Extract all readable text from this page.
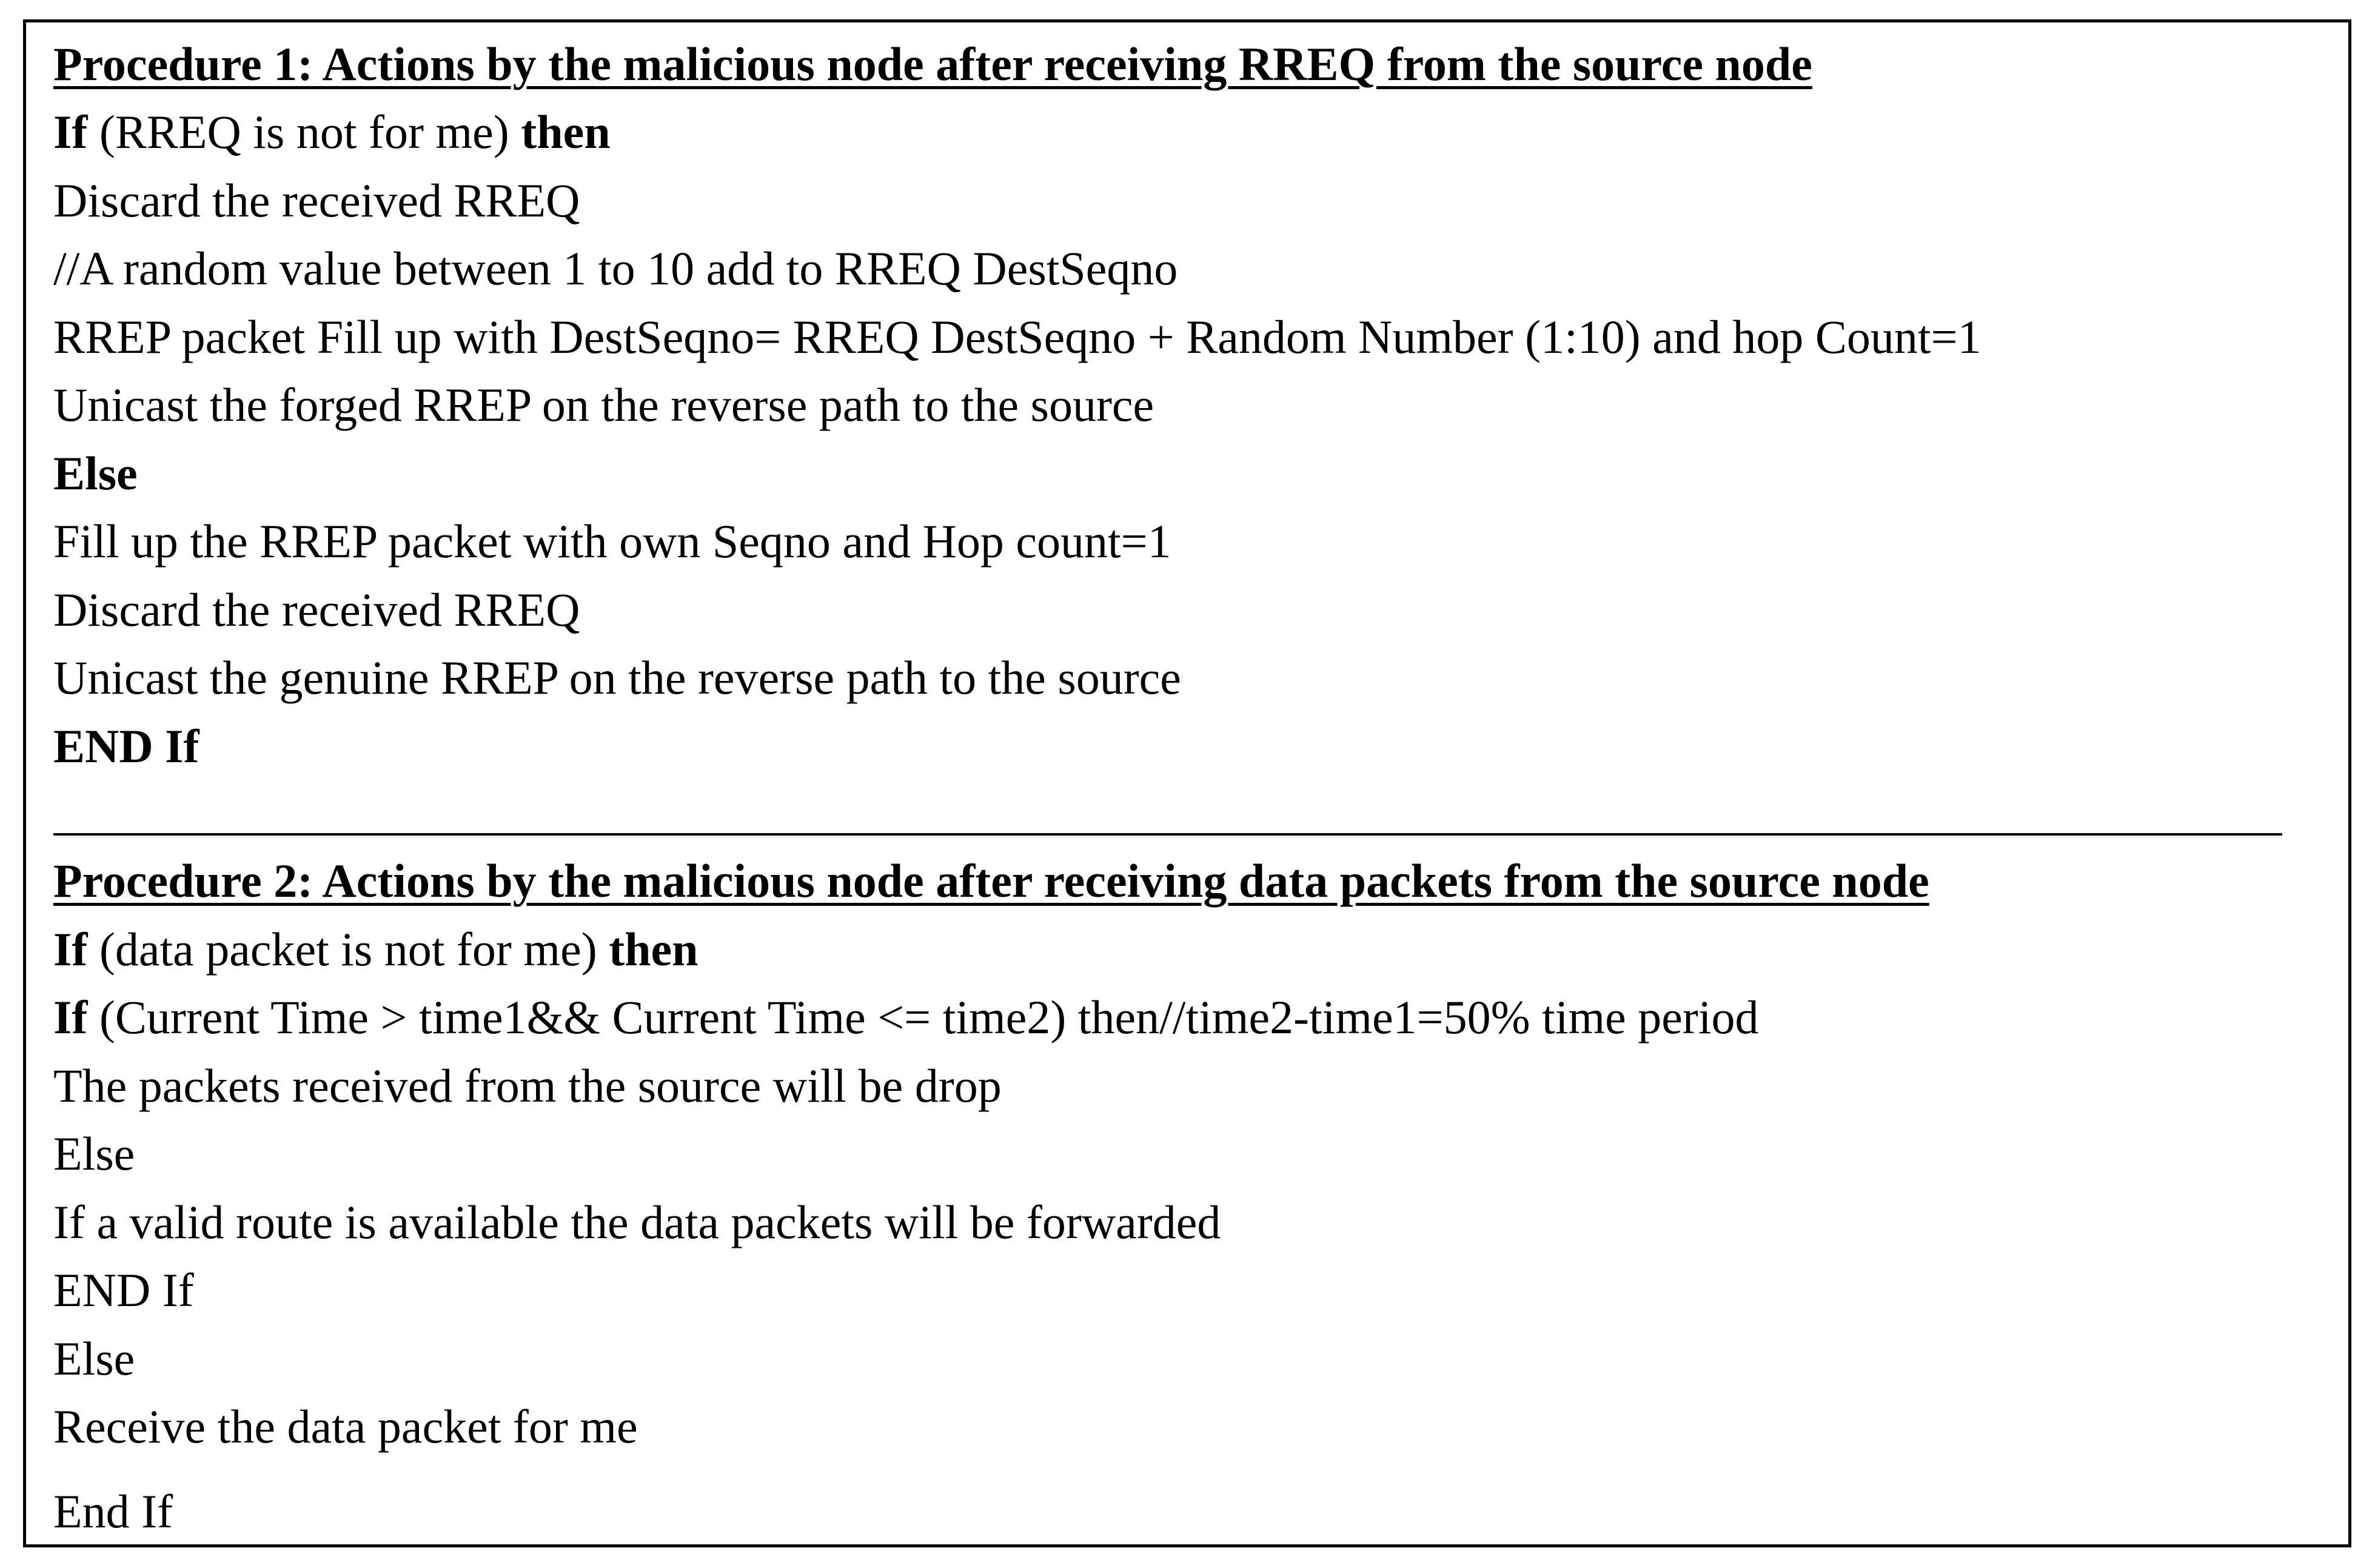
Procedure 1: Actions by the malicious node after receiving RREQ from the source node
If (RREQ is not for me) then
Discard the received RREQ
//A random value between 1 to 10 add to RREQ DestSeqno
RREP packet Fill up with DestSeqno= RREQ DestSeqno + Random Number (1:10) and hop Count=1
Unicast the forged RREP on the reverse path to the source
Else
Fill up the RREP packet with own Seqno and Hop count=1
Discard the received RREQ
Unicast the genuine RREP on the reverse path to the source
END If
Procedure 2: Actions by the malicious node after receiving data packets from the source node
If (data packet is not for me) then
If (Current Time > time1&& Current Time <= time2) then//time2-time1=50% time period
The packets received from the source will be drop
Else
If a valid route is available the data packets will be forwarded
END If
Else
Receive the data packet for me
End If
